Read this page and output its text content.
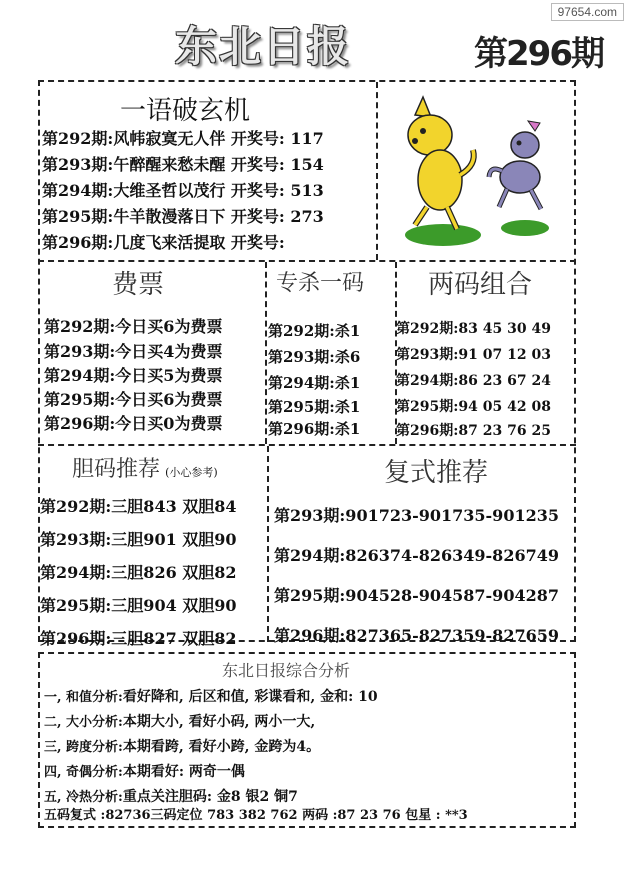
97654.com
东北日报	第296期
一语破玄机
第292期:风帏寂寞无人伴 开奖号: 117
第293期:午醉醒来愁未醒 开奖号: 154
第294期:大维圣哲以茂行 开奖号: 513
第295期:牛羊散漫落日下 开奖号: 273
第296期:几度飞来活提取 开奖号:
费票
第292期:今日买6为费票
第293期:今日买4为费票
第294期:今日买5为费票
第295期:今日买6为费票
第296期:今日买0为费票
专杀一码
第292期:杀1
第293期:杀6
第294期:杀1
第295期:杀1
第296期:杀1
两码组合
第292期:83 45 30 49
第293期:91 07 12 03
第294期:86 23 67 24
第295期:94 05 42 08
第296期:87 23 76 25
胆码推荐 (小心参考)
第292期:三胆843 双胆84
第293期:三胆901 双胆90
第294期:三胆826 双胆82
第295期:三胆904 双胆90
第296期:三胆827 双胆82
复式推荐
第293期:901723-901735-901235
第294期:826374-826349-826749
第295期:904528-904587-904287
第296期:827365-827359-827659
东北日报综合分析
一, 和值分析:看好降和, 后区和值, 彩谍看和, 金和: 10
二, 大小分析:本期大小, 看好小码, 两小一大,
三, 跨度分析:本期看跨, 看好小跨, 金跨为4。
四, 奇偶分析:本期看好: 两奇一偶
五, 冷热分析:重点关注胆码: 金8 银2 铜7
五码复式 :82736三码定位 783 382 762 两码 :87 23 76 包星 : **3
